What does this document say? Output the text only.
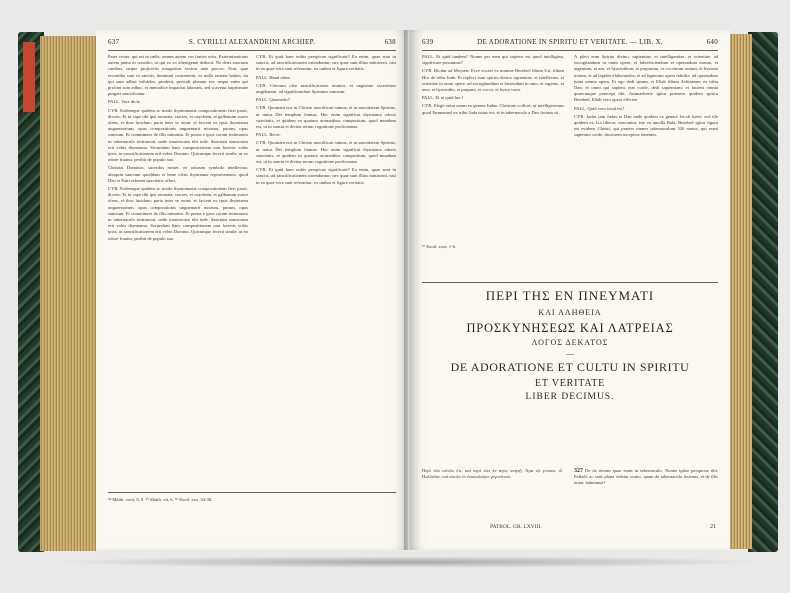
637	S. CYRILLI ALEXANDRINI ARCHIEP.	638

Pater vester, qui est in cælis; omnes autem vos fratres estis. Exterminationis autem pœna in consilio; ut qui ex eo alienigenæ deducti. Ne detis sanctum canibus, neque projicietis margaritas vestras ante porcos. Non, quæ recondita sunt in sanctis, dominari convenient, ea nulla ratione habita, ita qui sunt adhuc infideles, proderit, periculi plenum est: neque enim qui profani sunt adhuc, et immodice impartiat laborant, sed scavetur baptismate purgati sanctificatur.

PALL. Vere dicis.

CYR. Eodemque quidem ac modo thymiamatis compositionem fieri jussit, dicens: Et tu cape tibi ipsi aromata, stactes, et onychem, et galbanum suave olens, et thus lucidum; paria inter se erunt: et facient ex ipsis thymiama unguentarium, opus compositionis unguentarii mixtum, purum, opus sanctum. Et comminues de illis minutim. Et ponas e ipsis coram testimonio in tabernaculo testimonii, unde innotescam tibi inde. Sanctum sanctorum erit vobis thymiama. Secundum hanc compositionem non facietis vobis ipsis; in sanctificationem erit vobis Domino. Quicunque fecerit simile, ut eo odore fruatur, peribit de populo suo.

Christus Dominus, sacerdos noster, ex odorum symbolo intellectus; alioquin sanctum quoddam et bene olens thymiama repraesentans, quod Deo et Patri odorem suavitatis offert.

CYR. Eodemque quidem ac modo thymiamatis compositionem fieri jussit, dicens: Et tu cape tibi ipsi aromata, stactes, et onychem, et galbanum suave olens, et thus lucidum; paria inter se erunt: et facient ex ipsis thymiama unguentarium, opus compositionis unguentarii mixtum, purum, opus sanctum. Et comminues de illis minutim. Et ponas e ipsis coram testimonio in tabernaculo testimonii, unde innotescam tibi inde. Sanctum sanctorum erit vobis thymiama. Secundum hanc compositionem non facietis vobis ipsis; in sanctificationem erit vobis Domino. Quicunque fecerit simile, ut eo odore fruatur, peribit de populo suo.

CYR. Et quid haec nobis perspicue significant? Ea enim, quae sunt in sanctis, ad sanctificationem ostenduntur; nec quae sunt illius ministerii, nisi in ea quae vera sunt referantur, ex umbra et figura veritatis.

PALL. Haud aliter.

CYR. Ceterum oleo sanctificationis utuntur, et unguento sacerdotes ungebantur, ad significandum Spiritum sanctum.

PALL. Quomodo?

CYR. Quoniam nos in Christo sanctificati sumus, et in sanctitatem Spiritus, ut unius Dei templum fiamus. Hoc enim significat thymiama odoris suavitatis, et quidem ex quatuor aromatibus compositum, quod mundum est, ut in sancta et divina rerum cognitione proficiamus.

PALL. Recte.

CYR. Quoniam nos in Christo sanctificati sumus, et in sanctitatem Spiritus, ut unius Dei templum fiamus. Hoc enim significat thymiama odoris suavitatis, et quidem ex quatuor aromatibus compositum, quod mundum est, ut in sancta et divina rerum cognitione proficiamus.

CYR. Et quid haec nobis perspicue significant? Ea enim, quae sunt in sanctis, ad sanctificationem ostenduntur; nec quae sunt illius ministerii, nisi in ea quae vera sunt referantur, ex umbra et figura veritatis.

⁵⁴ Matth. xxiii, 8, 9. ⁵⁵ Matth. vii, 6. ⁵⁶ Exod. xxx, 34-38.
639	DE ADORATIONE IN SPIRITU ET VERITATE. — LIB. X.	640

PALL. Et quid tandem? Nonne per eum qui sapiens est quod intelligitur, significare possumus?

CYR. Dicitur ad Moysen: Ecce vocavi ex nomine Beseleel filium Uri, filium Hor de tribu Juda. Et replevi eum spiritu divino sapientiae, et intellectus, et scientiae in omni opere, ad excogitandum et faciendum in auro, et argento, et aere, et hyacintho, et purpura, et cocco, et bysso torta.

PALL. Et ut quid hoc?

CYR. Elegit enim unum ex genere Judae, Christum scilicet, ut intelligeremus quod Emmanuel ex tribu Juda natus est, et in tabernaculo a Deo factum sit.

A plevi eum Spiritu divino, sapientiae, et intelligentiae, et scientiae, ad excogitandum in omni opere, et fabrefaciendum et operandum aurum, et argentum, et aes, et hyacinthum, et purpuram, et coccinum tortum, et byssum tortam, et ad lapides elaborandos, et ad lignorum opera fabrilia, ad operandum juxta omnia opera. Et ego dedi ipsum, et Eliab filium Achisamec ex tribu Dan; et omni qui sapiens erat corde, dedi sapientiam; et facient omnia quaecunque praecepi tibi. Animadverte igitur praesens quidem spiritu Beseleel, Eliab vero opera efficere.

PALL. Quid vero istud est?

CYR. Judas jam Judas et Dan unde quidem ex genere Jacob fuere; sed ille quidem ex Lia liberas, nascuntur, iste ex ancilla Bala. Beseleel igitur figura est evidens Christi, qui praeter omnes tabernaculum 326 nonus, qui erant sapientes corde, doctorem incepisse tenentes.

⁵⁷ Exod. xxxi, 1-6.
ΠΕΡΙ ΤΗΣ ΕΝ ΠΝΕΥΜΑΤΙ
ΚΑΙ ΑΛΗΘΕΙΑ
ΠΡΟΣΚΥΝΗΣΕΩΣ ΚΑΙ ΛΑΤΡΕΙΑΣ
ΛΟΓΟΣ ΔΕΚΑΤΟΣ
—
DE ADORATIONE ET CULTU IN SPIRITU
ET VERITATE
LIBER DECIMUS.
Περὶ τῶν αὐτῶν ἔτι, καὶ περὶ τῶν ἐν ἁγίῳ σκηνῇ. Ἀρα τῷ γνώσει, ὦ Παλλάδιε, καὶ αὐτῶν ἐν ἀποκαλύψει γεγονότων;
327 De iis iterum quae erant in tabernaculo. Nonne igitur perspicue tibi, Palladi, ac satis plana videtur oratio, quam de tabernaculo fecimus, et de illis erant, habuimus?
PATROL. GR. LXVIII.	21
